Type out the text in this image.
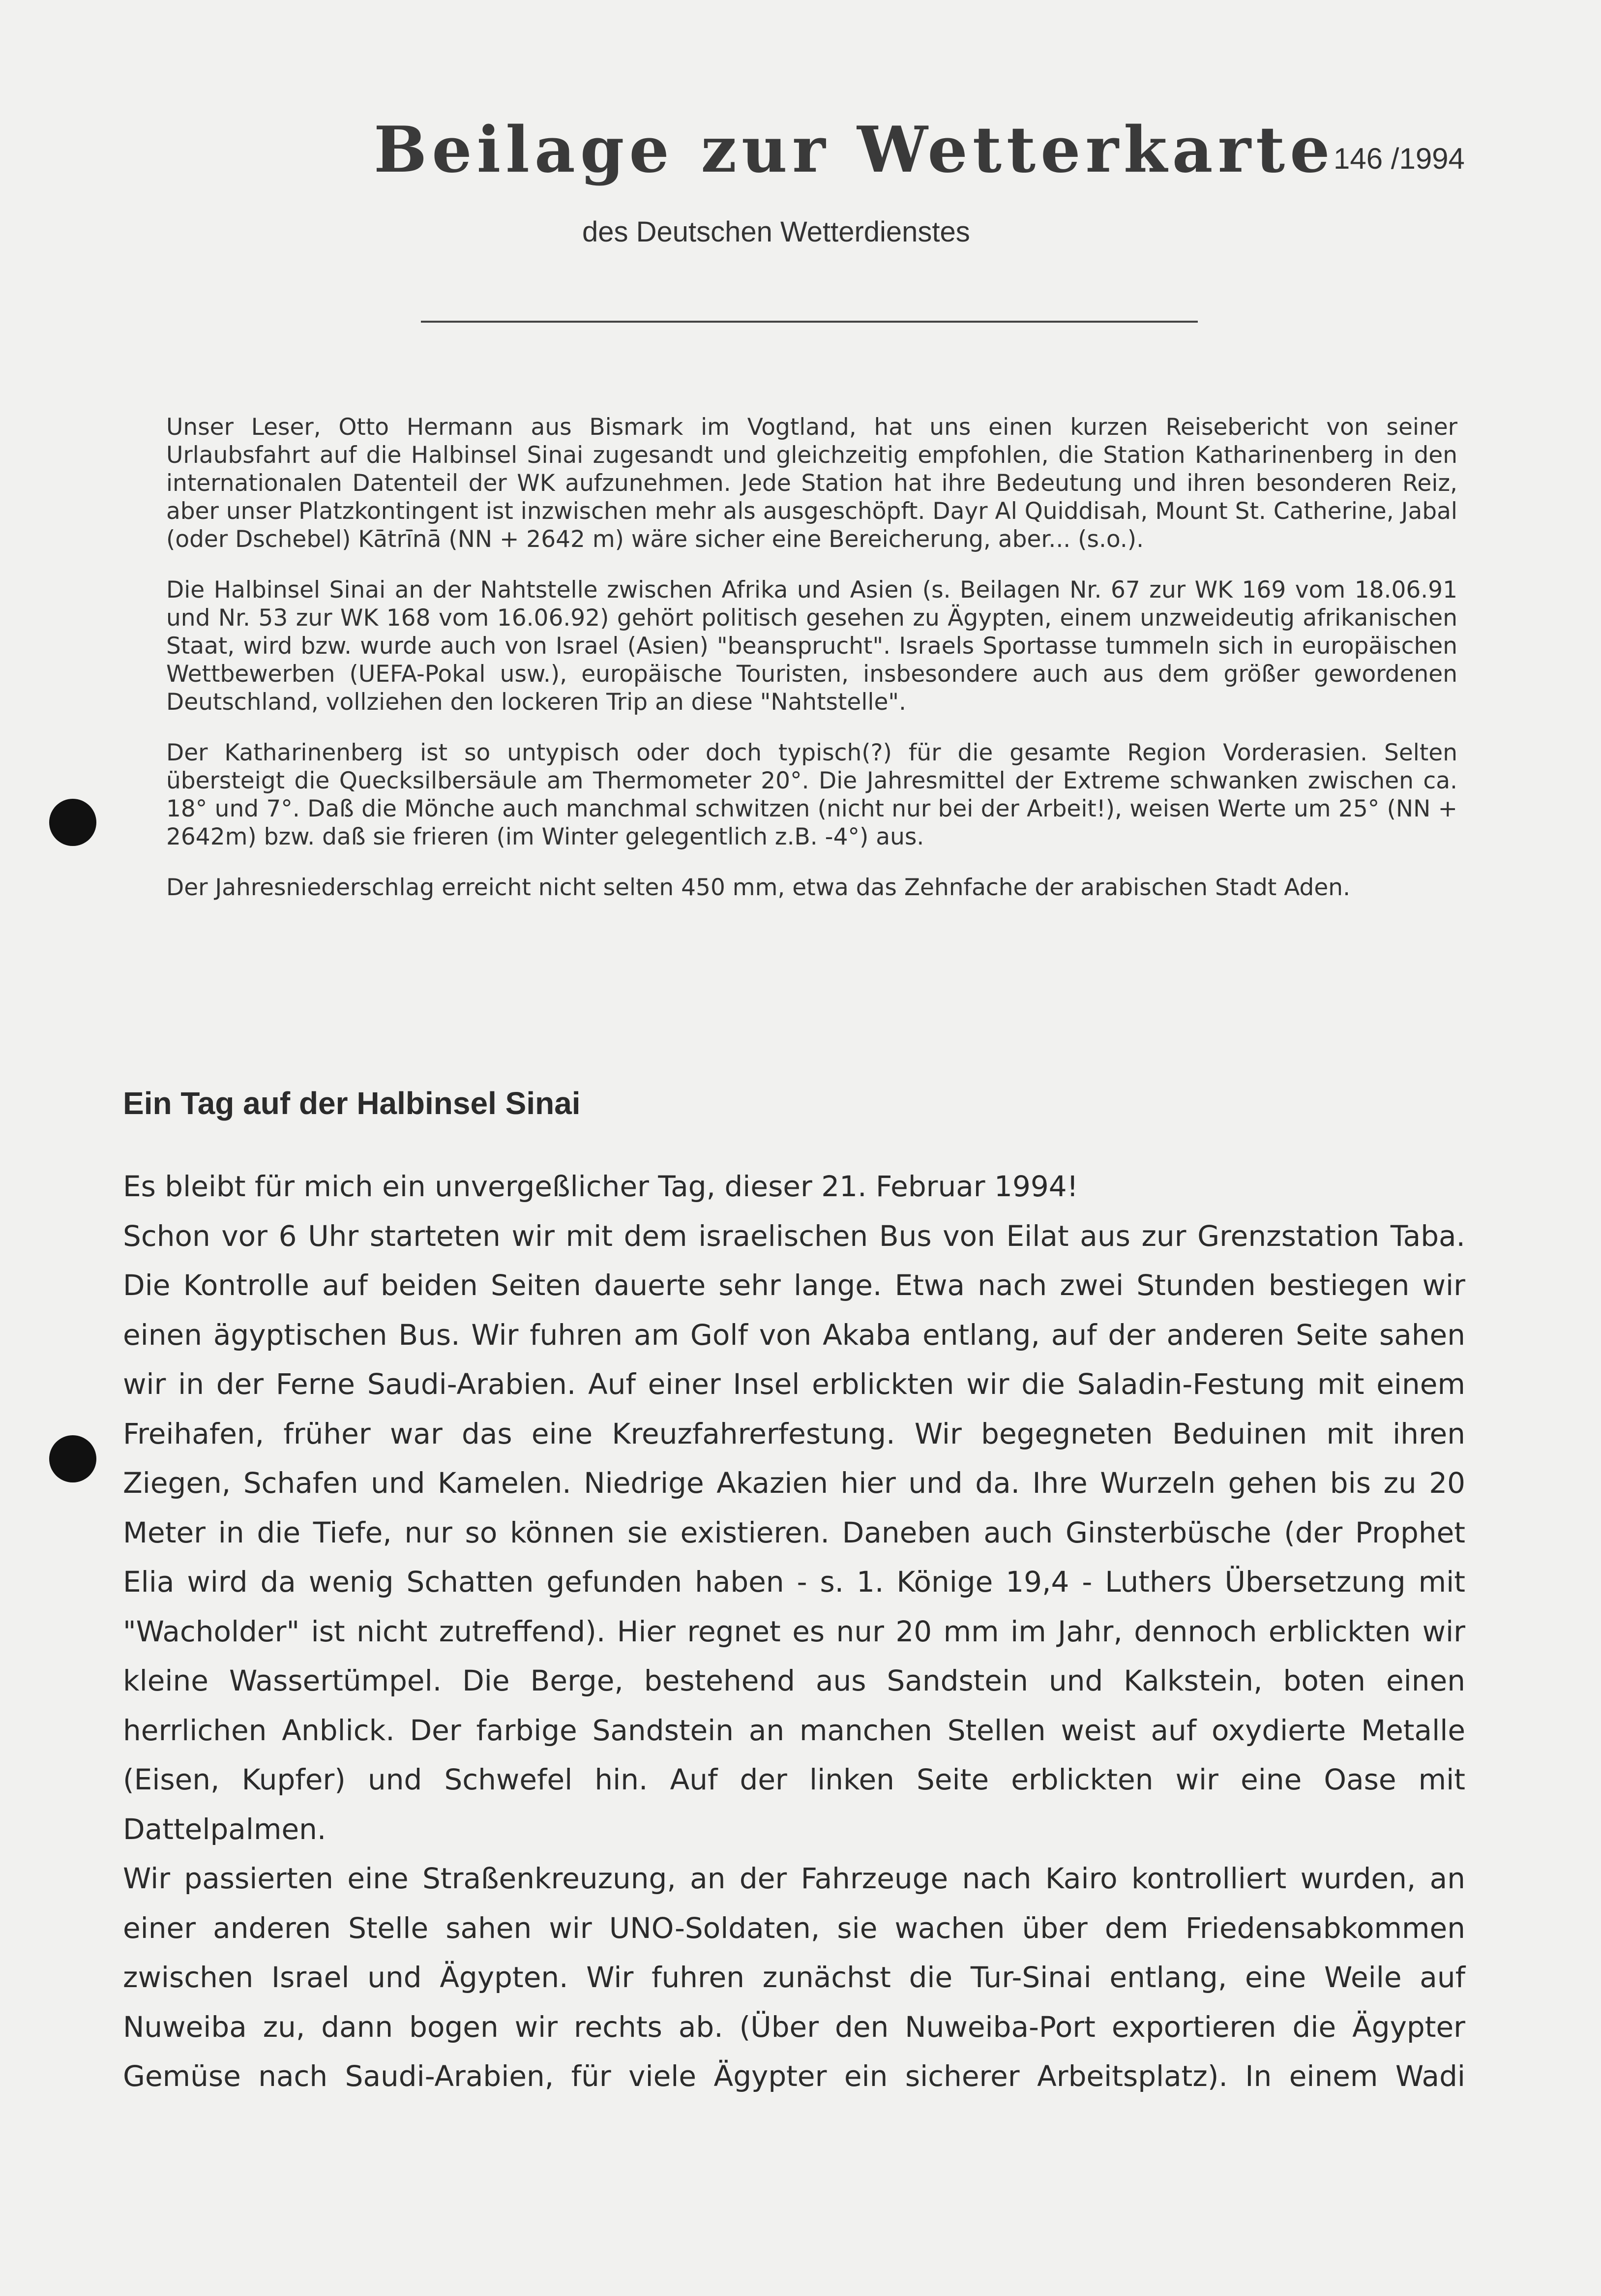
Beilage zur Wetterkarte
146 /1994
des Deutschen Wetterdienstes

Unser Leser, Otto Hermann aus Bismark im Vogtland, hat uns einen kurzen Reisebericht von seiner Urlaubsfahrt auf die Halbinsel Sinai zugesandt und gleichzeitig empfohlen, die Station Katharinenberg in den internationalen Datenteil der WK aufzunehmen. Jede Station hat ihre Bedeutung und ihren besonderen Reiz, aber unser Platzkontingent ist inzwischen mehr als ausgeschöpft. Dayr Al Quiddisah, Mount St. Catherine, Jabal (oder Dschebel) Kātrīnā (NN + 2642 m) wäre sicher eine Bereicherung, aber... (s.o.).

Die Halbinsel Sinai an der Nahtstelle zwischen Afrika und Asien (s. Beilagen Nr. 67 zur WK 169 vom 18.06.91 und Nr. 53 zur WK 168 vom 16.06.92) gehört politisch gesehen zu Ägypten, einem unzweideutig afrikanischen Staat, wird bzw. wurde auch von Israel (Asien) "beansprucht". Israels Sportasse tummeln sich in europäischen Wettbewerben (UEFA-Pokal usw.), europäische Touristen, insbesondere auch aus dem größer gewordenen Deutschland, vollziehen den lockeren Trip an diese "Nahtstelle".

Der Katharinenberg ist so untypisch oder doch typisch(?) für die gesamte Region Vorderasien. Selten übersteigt die Quecksilbersäule am Thermometer 20°. Die Jahresmittel der Extreme schwanken zwischen ca. 18° und 7°. Daß die Mönche auch manchmal schwitzen (nicht nur bei der Arbeit!), weisen Werte um 25° (NN + 2642m) bzw. daß sie frieren (im Winter gelegentlich z.B. -4°) aus.

Der Jahresniederschlag erreicht nicht selten 450 mm, etwa das Zehnfache der arabischen Stadt Aden.

Ein Tag auf der Halbinsel Sinai

Es bleibt für mich ein unvergeßlicher Tag, dieser 21. Februar 1994!

Schon vor 6 Uhr starteten wir mit dem israelischen Bus von Eilat aus zur Grenzstation Taba. Die Kontrolle auf beiden Seiten dauerte sehr lange. Etwa nach zwei Stunden bestiegen wir einen ägyptischen Bus. Wir fuhren am Golf von Akaba entlang, auf der anderen Seite sahen wir in der Ferne Saudi-Arabien. Auf einer Insel erblickten wir die Saladin-Festung mit einem Freihafen, früher war das eine Kreuzfahrerfestung. Wir begegneten Beduinen mit ihren Ziegen, Schafen und Kamelen. Niedrige Akazien hier und da. Ihre Wurzeln gehen bis zu 20 Meter in die Tiefe, nur so können sie existieren. Daneben auch Ginsterbüsche (der Prophet Elia wird da wenig Schatten gefunden haben - s. 1. Könige 19,4 - Luthers Übersetzung mit "Wacholder" ist nicht zutreffend). Hier regnet es nur 20 mm im Jahr, dennoch erblickten wir kleine Wassertümpel. Die Berge, bestehend aus Sandstein und Kalkstein, boten einen herrlichen Anblick. Der farbige Sandstein an manchen Stellen weist auf oxydierte Metalle (Eisen, Kupfer) und Schwefel hin. Auf der linken Seite erblickten wir eine Oase mit Dattelpalmen.

Wir passierten eine Straßenkreuzung, an der Fahrzeuge nach Kairo kontrolliert wurden, an einer anderen Stelle sahen wir UNO-Soldaten, sie wachen über dem Friedensabkommen zwischen Israel und Ägypten. Wir fuhren zunächst die Tur-Sinai entlang, eine Weile auf Nuweiba zu, dann bogen wir rechts ab. (Über den Nuweiba-Port exportieren die Ägypter Gemüse nach Saudi-Arabien, für viele Ägypter ein sicherer Arbeitsplatz). In einem Wadi
